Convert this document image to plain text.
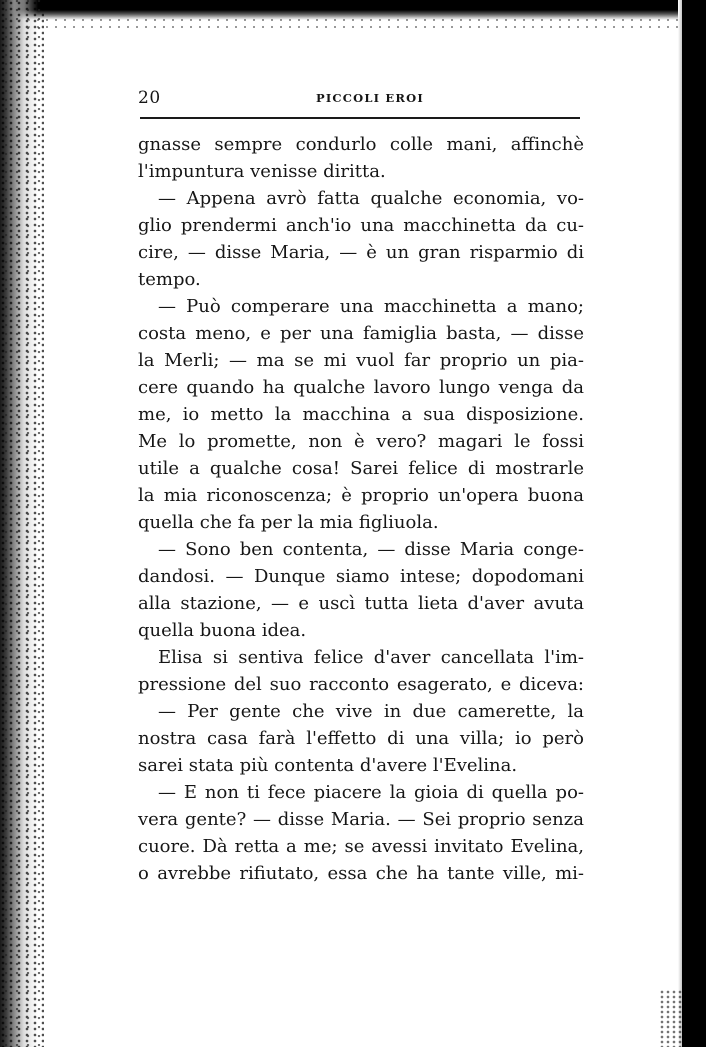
20	PICCOLI EROI
gnasse sempre condurlo colle mani, affinchè
l'impuntura venisse diritta.
— Appena avrò fatta qualche economia, vo-
glio prendermi anch'io una macchinetta da cu-
cire, — disse Maria, — è un gran risparmio di
tempo.
— Può comperare una macchinetta a mano;
costa meno, e per una famiglia basta, — disse
la Merli; — ma se mi vuol far proprio un pia-
cere quando ha qualche lavoro lungo venga da
me, io metto la macchina a sua disposizione.
Me lo promette, non è vero? magari le fossi
utile a qualche cosa! Sarei felice di mostrarle
la mia riconoscenza; è proprio un'opera buona
quella che fa per la mia figliuola.
— Sono ben contenta, — disse Maria conge-
dandosi. — Dunque siamo intese; dopodomani
alla stazione, — e uscì tutta lieta d'aver avuta
quella buona idea.
Elisa si sentiva felice d'aver cancellata l'im-
pressione del suo racconto esagerato, e diceva:
— Per gente che vive in due camerette, la
nostra casa farà l'effetto di una villa; io però
sarei stata più contenta d'avere l'Evelina.
— E non ti fece piacere la gioia di quella po-
vera gente? — disse Maria. — Sei proprio senza
cuore. Dà retta a me; se avessi invitato Evelina,
o avrebbe rifiutato, essa che ha tante ville, mi-
